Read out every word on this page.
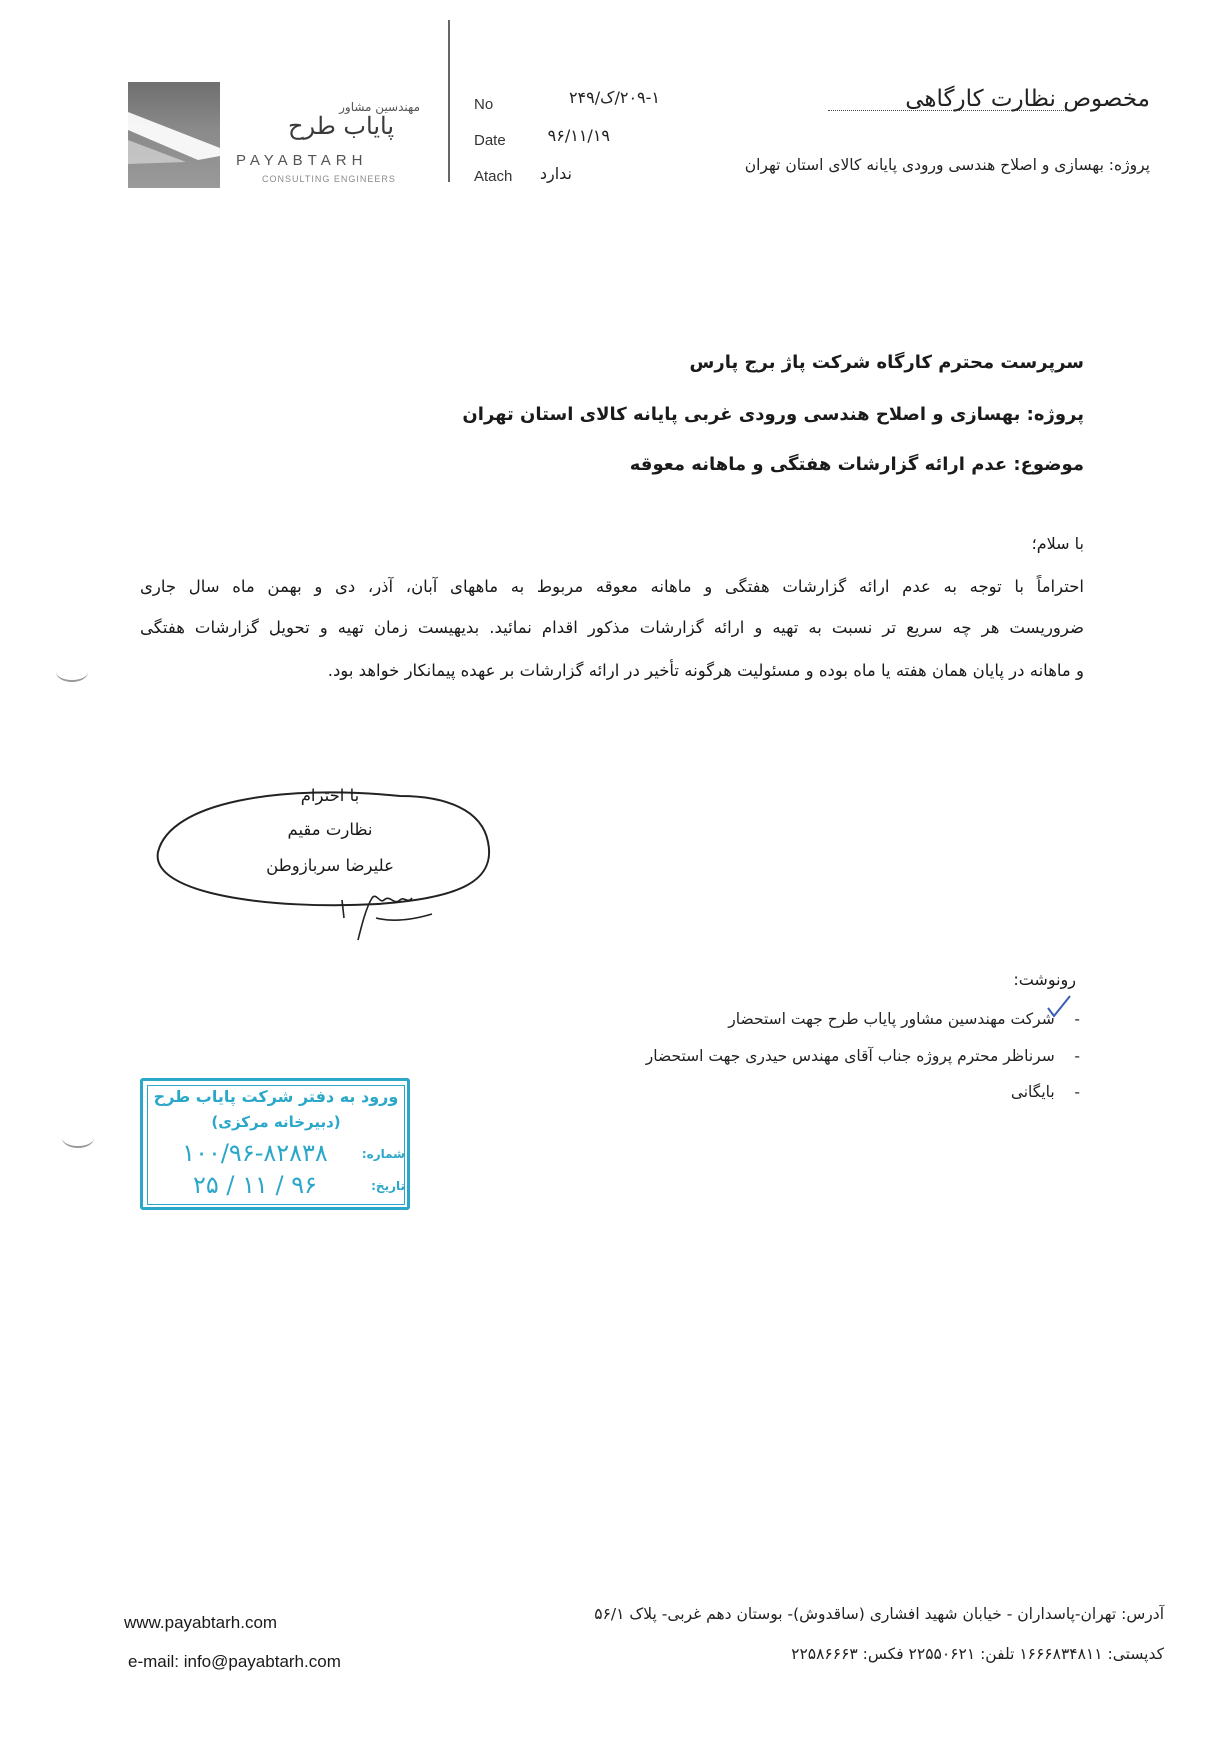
مهندسین مشاور
پایاب طرح
PAYABTARH
CONSULTING ENGINEERS
No	۲۰۹-۱/ک/۲۴۹
Date	۹۶/۱۱/۱۹
Atach	ندارد
مخصوص نظارت کارگاهی
پروژه: بهسازی و اصلاح هندسی ورودی پایانه کالای استان تهران
سرپرست محترم کارگاه شرکت پاژ برج پارس
پروژه: بهسازی و اصلاح هندسی ورودی غربی پایانه کالای استان تهران
موضوع: عدم ارائه گزارشات هفتگی و ماهانه معوقه
با سلام؛
احتراماً با توجه به عدم ارائه گزارشات هفتگی و ماهانه معوقه مربوط به ماههای آبان، آذر، دی و بهمن ماه سال جاری
ضروریست هر چه سریع تر نسبت به تهیه و ارائه گزارشات مذکور اقدام نمائید. بدیهیست زمان تهیه و تحویل گزارشات هفتگی
و ماهانه در پایان همان هفته یا ماه بوده و مسئولیت هرگونه تأخیر در ارائه گزارشات بر عهده پیمانکار خواهد بود.
با احترام
نظارت مقیم
علیرضا سربازوطن
رونوشت:
-    شرکت مهندسین مشاور پایاب طرح جهت استحضار
-    سرناظر محترم پروژه جناب آقای مهندس حیدری جهت استحضار
-    بایگانی
ورود به دفتر شرکت پایاب طرح
(دبیرخانه مرکزی)
شماره:
۱۰۰/۹۶-۸۲۸۳۸
تاریخ:
۹۶ / ۱۱ / ۲۵
www.payabtarh.com
e-mail: info@payabtarh.com
آدرس: تهران-پاسداران - خیابان شهید افشاری (ساقدوش)- بوستان دهم غربی- پلاک ۵۶/۱
کدپستی: ۱۶۶۶۸۳۴۸۱۱ تلفن: ۲۲۵۵۰۶۲۱ فکس: ۲۲۵۸۶۶۶۳
